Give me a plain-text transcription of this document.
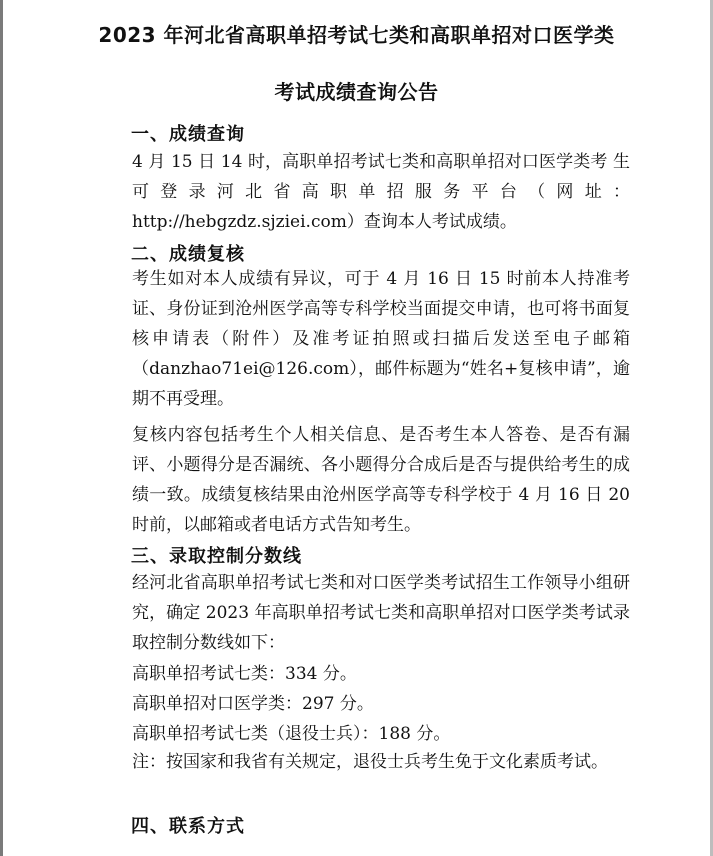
2023 年河北省高职单招考试七类和高职单招对口医学类
考试成绩查询公告
一、成绩查询
4 月 15 日 14 时，高职单招考试七类和高职单招对口医学类考 生 可 登 录 河 北 省 高 职 单 招 服 务 平 台 （ 网 址 ：http://hebgzdz.sjziei.com）查询本人考试成绩。
二、成绩复核
考生如对本人成绩有异议，可于 4 月 16 日 15 时前本人持准考证、身份证到沧州医学高等专科学校当面提交申请，也可将书面复核申请表（附件）及准考证拍照或扫描后发送至电子邮箱（danzhao71ei@126.com），邮件标题为“姓名+复核申请”，逾期不再受理。
复核内容包括考生个人相关信息、是否考生本人答卷、是否有漏评、小题得分是否漏统、各小题得分合成后是否与提供给考生的成绩一致。成绩复核结果由沧州医学高等专科学校于 4 月 16 日 20 时前，以邮箱或者电话方式告知考生。
三、录取控制分数线
经河北省高职单招考试七类和对口医学类考试招生工作领导小组研究，确定 2023 年高职单招考试七类和高职单招对口医学类考试录取控制分数线如下：
高职单招考试七类：334 分。
高职单招对口医学类：297 分。
高职单招考试七类（退役士兵）：188 分。
注：按国家和我省有关规定，退役士兵考生免于文化素质考试。
四、联系方式
